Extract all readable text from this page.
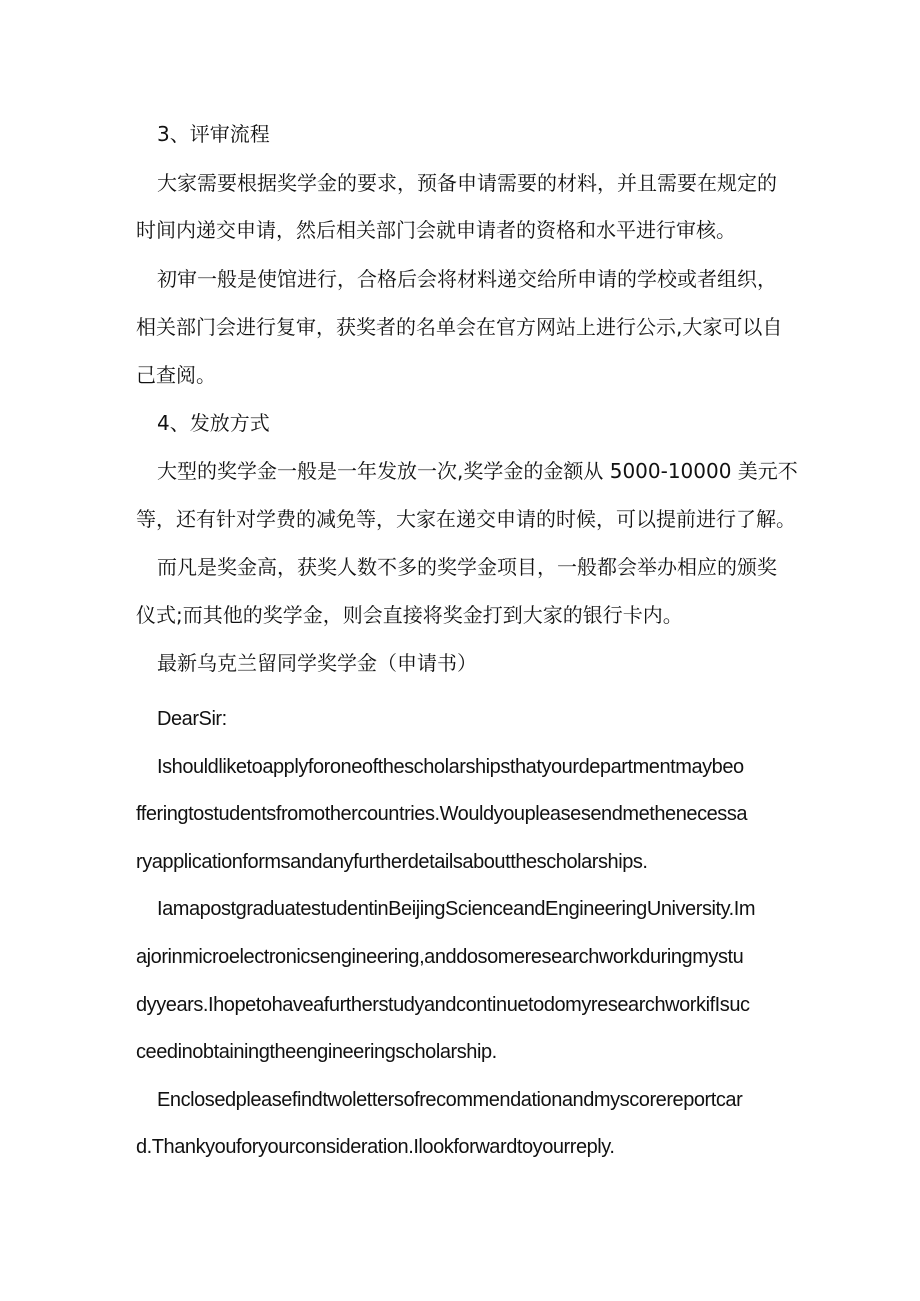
3、评审流程
大家需要根据奖学金的要求，预备申请需要的材料，并且需要在规定的
时间内递交申请，然后相关部门会就申请者的资格和水平进行审核。
初审一般是使馆进行，合格后会将材料递交给所申请的学校或者组织，
相关部门会进行复审，获奖者的名单会在官方网站上进行公示,大家可以自
己查阅。
4、发放方式
大型的奖学金一般是一年发放一次,奖学金的金额从 5000-10000 美元不
等，还有针对学费的减免等，大家在递交申请的时候，可以提前进行了解。
而凡是奖金高，获奖人数不多的奖学金项目，一般都会举办相应的颁奖
仪式;而其他的奖学金，则会直接将奖金打到大家的银行卡内。
最新乌克兰留同学奖学金（申请书）
DearSir:
Ishouldliketoapplyforoneofthescholarshipsthatyourdepartmentmaybeo
fferingtostudentsfromothercountries.Wouldyoupleasesendmethenecessa
ryapplicationformsandanyfurtherdetailsaboutthescholarships.
IamapostgraduatestudentinBeijingScienceandEngineeringUniversity.Im
ajorinmicroelectronicsengineering,anddosomeresearchworkduringmystu
dyyears.IhopetohaveafurtherstudyandcontinuetodomyresearchworkifIsuc
ceedinobtainingtheengineeringscholarship.
Enclosedpleasefindtwolettersofrecommendationandmyscorereportcar
d.Thankyouforyourconsideration.Ilookforwardtoyourreply.
